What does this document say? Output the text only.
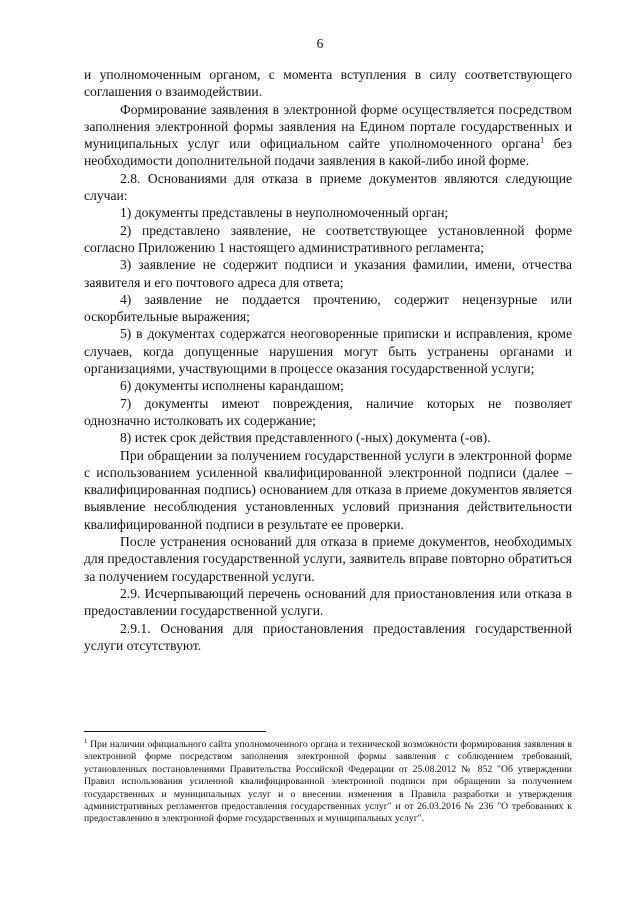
6

и уполномоченным органом, с момента вступления в силу соответствующего соглашения о взаимодействии.

Формирование заявления в электронной форме осуществляется посредством заполнения электронной формы заявления на Едином портале государственных и муниципальных услуг или официальном сайте уполномоченного органа$^1$ без необходимости дополнительной подачи заявления в какой-либо иной форме.

2.8. Основаниями для отказа в приеме документов являются следующие случаи:

1) документы представлены в неуполномоченный орган;

2) представлено заявление, не соответствующее установленной форме согласно Приложению 1 настоящего административного регламента;

3) заявление не содержит подписи и указания фамилии, имени, отчества заявителя и его почтового адреса для ответа;

4) заявление не поддается прочтению, содержит нецензурные или оскорбительные выражения;

5) в документах содержатся неоговоренные приписки и исправления, кроме случаев, когда допущенные нарушения могут быть устранены органами и организациями, участвующими в процессе оказания государственной услуги;

6) документы исполнены карандашом;

7) документы имеют повреждения, наличие которых не позволяет однозначно истолковать их содержание;

8) истек срок действия представленного (-ных) документа (-ов).

При обращении за получением государственной услуги в электронной форме с использованием усиленной квалифицированной электронной подписи (далее – квалифицированная подпись) основанием для отказа в приеме документов является выявление несоблюдения установленных условий признания действительности квалифицированной подписи в результате ее проверки.

После устранения оснований для отказа в приеме документов, необходимых для предоставления государственной услуги, заявитель вправе повторно обратиться за получением государственной услуги.

2.9. Исчерпывающий перечень оснований для приостановления или отказа в предоставлении государственной услуги.

2.9.1. Основания для приостановления предоставления государственной услуги отсутствуют.

$^1$ При наличии официального сайта уполномоченного органа и технической возможности формирования заявления в электронной форме посредством заполнения электронной формы заявления с соблюдением требований, установленных постановлениями Правительства Российской Федерации от 25.08.2012 № 852 "Об утверждении Правил использования усиленной квалифицированной электронной подписи при обращении за получением государственных и муниципальных услуг и о внесении изменения в Правила разработки и утверждения административных регламентов предоставления государственных услуг" и от 26.03.2016 № 236 "О требованиях к предоставлению в электронной форме государственных и муниципальных услуг".
